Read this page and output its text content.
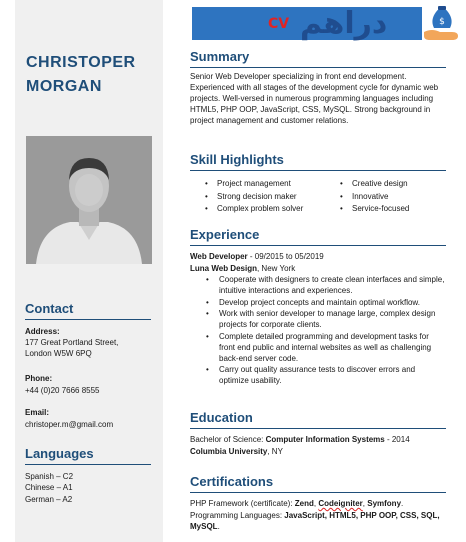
CV دراهم	$
CHRISTOPER
MORGAN
Contact
Address:
177 Great Portland Street,
London W5W 6PQ
Phone:
+44 (0)20 7666 8555
Email:
christoper.m@gmail.com
Languages
Spanish – C2
Chinese – A1
German – A2
Summary
Senior Web Developer specializing in front end development. Experienced with all stages of the development cycle for dynamic web projects. Well-versed in numerous programming languages including HTML5, PHP OOP, JavaScript, CSS, MySQL. Strong background in project management and customer relations.
Skill Highlights
• Project management
• Strong decision maker
• Complex problem solver
• Creative design
• Innovative
• Service-focused
Experience
Web Developer - 09/2015 to 05/2019
Luna Web Design, New York
• Cooperate with designers to create clean interfaces and simple, intuitive interactions and experiences.
• Develop project concepts and maintain optimal workflow.
• Work with senior developer to manage large, complex design projects for corporate clients.
• Complete detailed programming and development tasks for front end public and internal websites as well as challenging back-end server code.
• Carry out quality assurance tests to discover errors and optimize usability.
Education
Bachelor of Science: Computer Information Systems - 2014
Columbia University, NY
Certifications
PHP Framework (certificate): Zend, Codeigniter, Symfony.
Programming Languages: JavaScript, HTML5, PHP OOP, CSS, SQL, MySQL.
